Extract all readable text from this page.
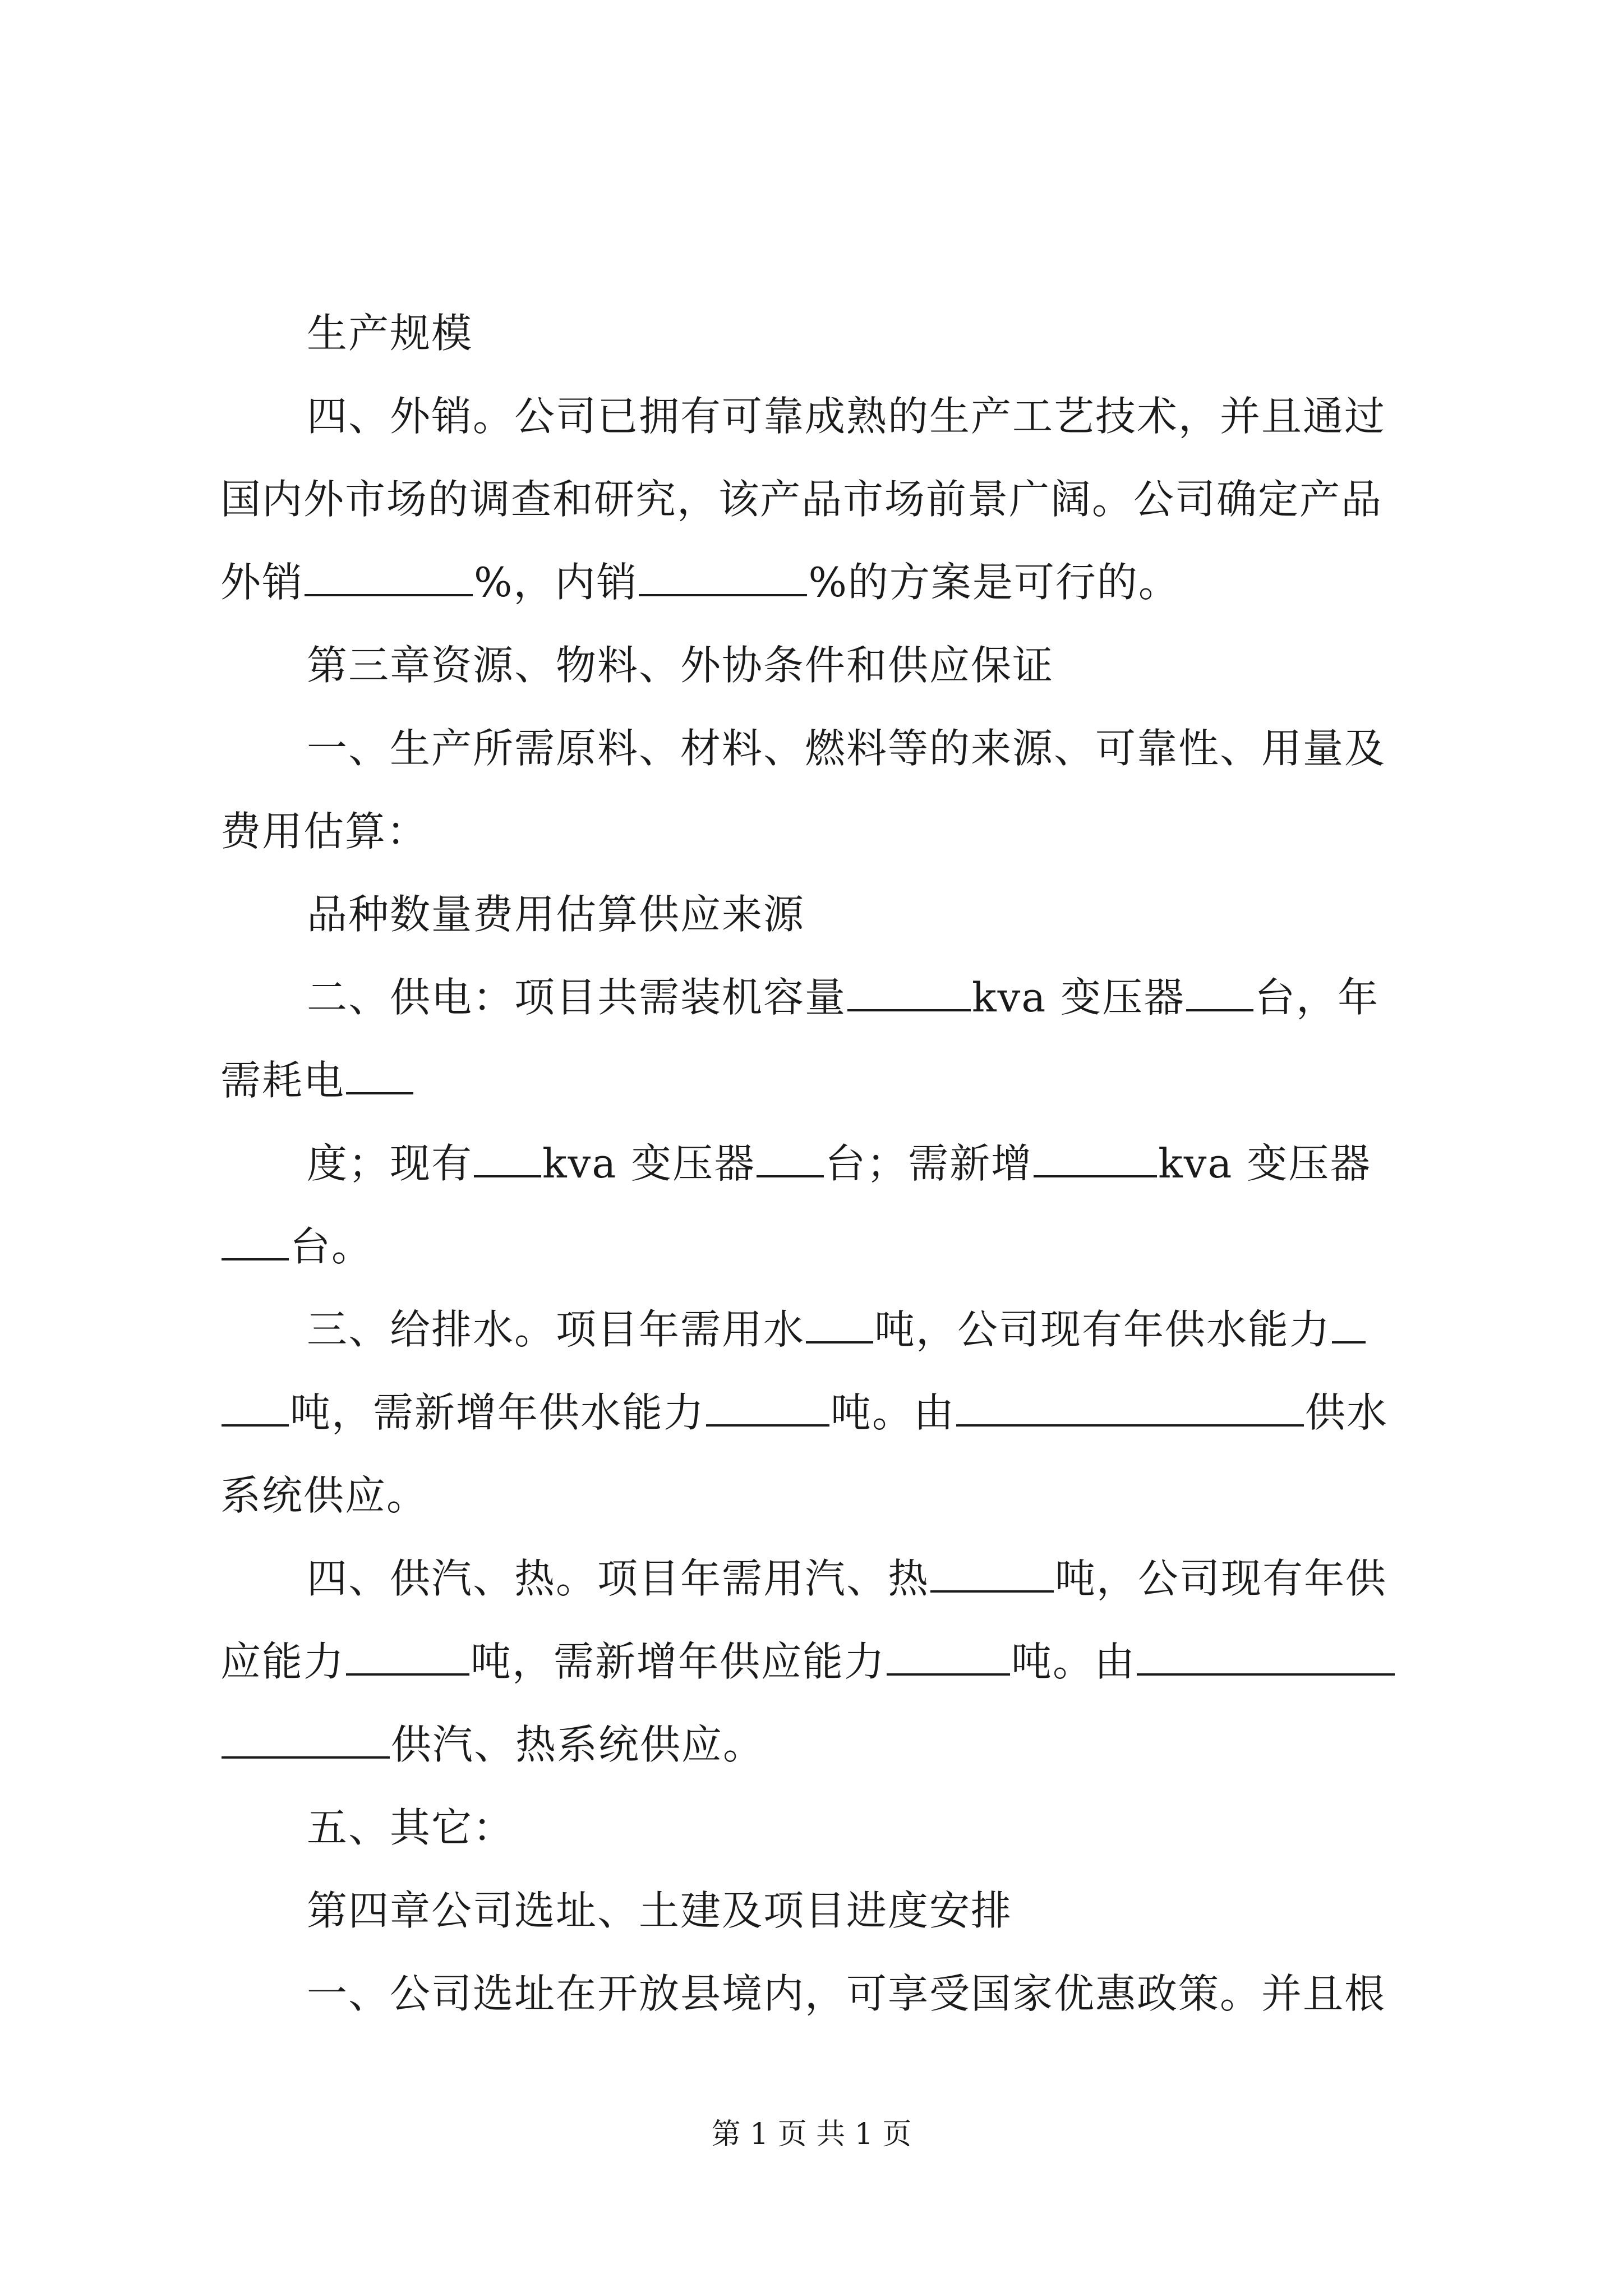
生产规模
四、外销。公司已拥有可靠成熟的生产工艺技术，并且通过
国内外市场的调查和研究，该产品市场前景广阔。公司确定产品
外销	%，内销	%的方案是可行的。
第三章资源、物料、外协条件和供应保证
一、生产所需原料、材料、燃料等的来源、可靠性、用量及
费用估算：
品种数量费用估算供应来源
二、供电：项目共需装机容量	kva 变压器 台，年
需耗电
度；现有 kva 变压器 台；需新增	kva 变压器
台。
三、给排水。项目年需用水 吨，公司现有年供水能力
吨，需新增年供水能力	吨。由	供水
系统供应。
四、供汽、热。项目年需用汽、热	吨，公司现有年供
应能力	吨，需新增年供应能力	吨。由
供汽、热系统供应。
五、其它：
第四章公司选址、土建及项目进度安排
一、公司选址在开放县境内，可享受国家优惠政策。并且根
第 1 页 共 1 页
